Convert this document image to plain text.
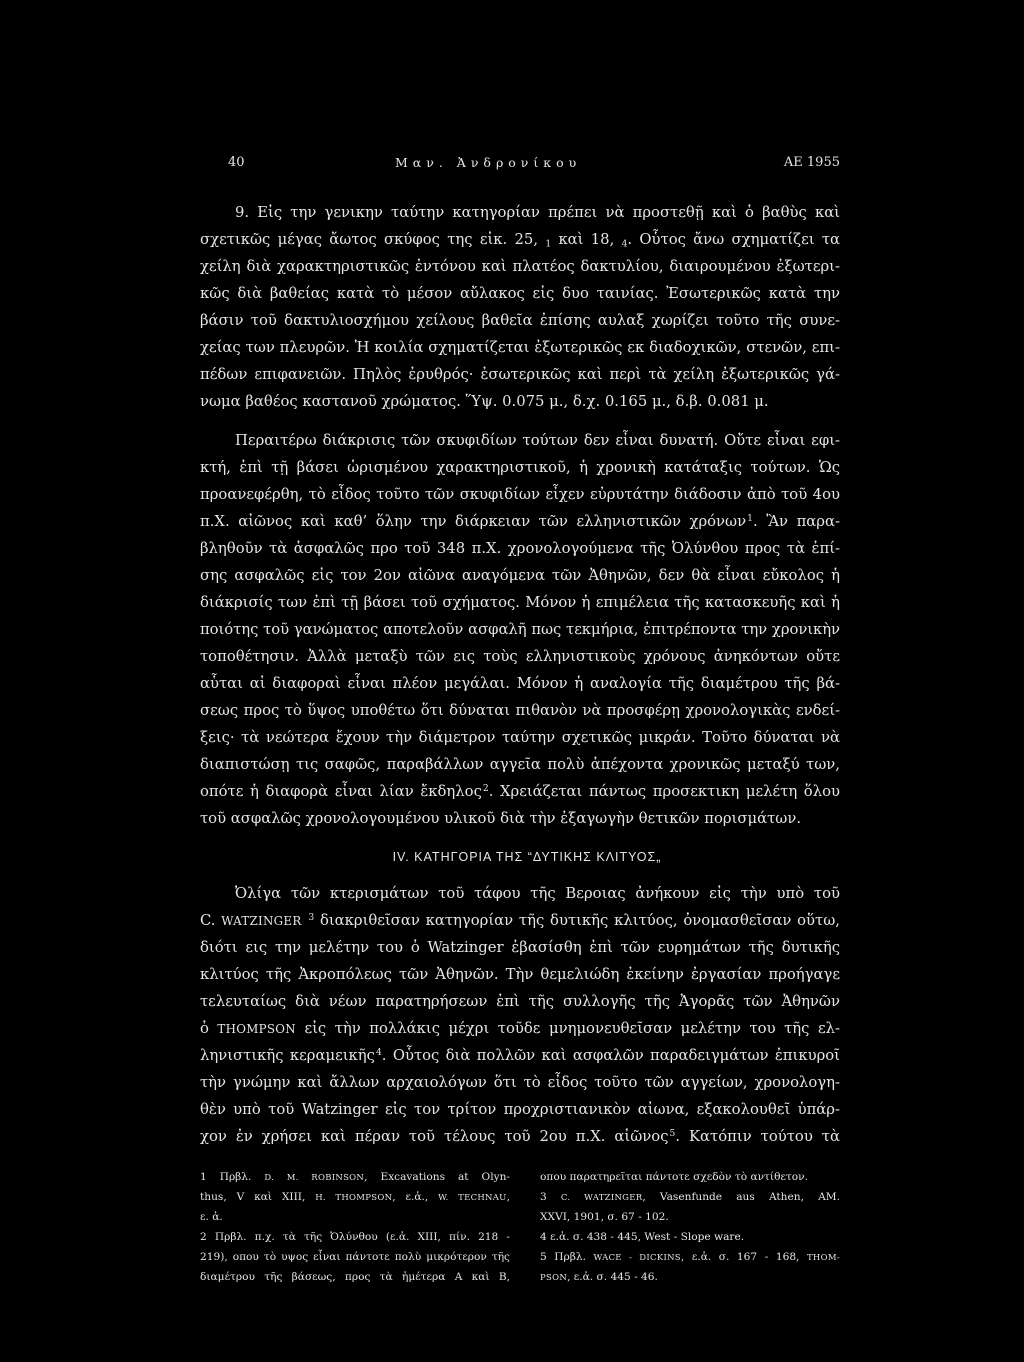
40	Μαν. Ἀνδρονίκου	ΑΕ 1955
9. Εἰς την γενικην ταύτην κατηγορίαν πρέπει νὰ προστεθῇ καὶ ὁ βαθὺς καὶ
σχετικῶς μέγας ἄωτος σκύφος της εἰκ. 25, $_1$ καὶ 18, $_4$. Οὗτος ἄνω σχηματίζει τα
χείλη διὰ χαρακτηριστικῶς ἐντόνου καὶ πλατέος δακτυλίου, διαιρουμένου ἐξωτερι-
κῶς διὰ βαθείας κατὰ τὸ μέσον αὔλακος εἰς δυο ταινίας. Ἐσωτερικῶς κατὰ την
βάσιν τοῦ δακτυλιοσχήμου χείλους βαθεῖα ἐπίσης αυλαξ χωρίζει τοῦτο τῆς συνε-
χείας των πλευρῶν. Ἡ κοιλία σχηματίζεται ἐξωτερικῶς εκ διαδοχικῶν, στενῶν, επι-
πέδων επιφανειῶν. Πηλὸς ἐρυθρός· ἐσωτερικῶς καὶ περὶ τὰ χείλη ἐξωτερικῶς γά-
νωμα βαθέος καστανοῦ χρώματος. Ὕψ. 0.075 μ., δ.χ. 0.165 μ., δ.β. 0.081 μ.
Περαιτέρω διάκρισις τῶν σκυφιδίων τούτων δεν εἶναι δυνατή. Οὔτε εἶναι εφι-
κτή, ἐπὶ τῇ βάσει ὡρισμένου χαρακτηριστικοῦ, ἡ χρονικὴ κατάταξις τούτων. Ὡς
προανεφέρθη, τὸ εἶδος τοῦτο τῶν σκυφιδίων εἶχεν εὐρυτάτην διάδοσιν ἀπὸ τοῦ 4ου
π.Χ. αἰῶνος καὶ καθ’ ὅλην την διάρκειαν τῶν ελληνιστικῶν χρόνων$^1$. Ἂν παρα-
βληθοῦν τὰ ἀσφαλῶς προ τοῦ 348 π.Χ. χρονολογούμενα τῆς Ὀλύνθου προς τὰ ἐπί-
σης ασφαλῶς εἰς τον 2ον αἰῶνα αναγόμενα τῶν Ἀθηνῶν, δεν θὰ εἶναι εὔκολος ἡ
διάκρισίς των ἐπὶ τῇ βάσει τοῦ σχήματος. Μόνον ἡ επιμέλεια τῆς κατασκευῆς καὶ ἡ
ποιότης τοῦ γανώματος αποτελοῦν ασφαλῆ πως τεκμήρια, ἐπιτρέποντα την χρονικὴν
τοποθέτησιν. Ἀλλὰ μεταξὺ τῶν εις τοὺς ελληνιστικοὺς χρόνους ἀνηκόντων οὔτε
αὗται αἱ διαφοραὶ εἶναι πλέον μεγάλαι. Μόνον ἡ αναλογία τῆς διαμέτρου τῆς βά-
σεως προς τὸ ὕψος υποθέτω ὅτι δύναται πιθανὸν νὰ προσφέρῃ χρονολογικὰς ενδεί-
ξεις· τὰ νεώτερα ἔχουν τὴν διάμετρον ταύτην σχετικῶς μικράν. Τοῦτο δύναται νὰ
διαπιστώσῃ τις σαφῶς, παραβάλλων αγγεῖα πολὺ ἀπέχοντα χρονικῶς μεταξύ των,
οπότε ἡ διαφορὰ εἶναι λίαν ἔκδηλος$^2$. Χρειάζεται πάντως προσεκτικη μελέτη ὅλου
τοῦ ασφαλῶς χρονολογουμένου υλικοῦ διὰ τὴν ἐξαγωγὴν θετικῶν πορισμάτων.
IV. ΚΑΤΗΓΟΡΙΑ ΤΗΣ “ΔΥΤΙΚΗΣ ΚΛΙΤΥΟΣ„
Ὀλίγα τῶν κτερισμάτων τοῦ τάφου τῆς Βεροιας ἀνήκουν εἰς τὴν υπὸ τοῦ
C. WATZINGER $^3$ διακριθεῖσαν κατηγορίαν τῆς δυτικῆς κλιτύος, ὀνομασθεῖσαν οὕτω,
διότι εις την μελέτην του ὁ Watzinger ἐβασίσθη ἐπὶ τῶν ευρημάτων τῆς δυτικῆς
κλιτύος τῆς Ἀκροπόλεως τῶν Ἀθηνῶν. Τὴν θεμελιώδη ἐκείνην ἐργασίαν προήγαγε
τελευταίως διὰ νέων παρατηρήσεων ἐπὶ τῆς συλλογῆς τῆς Ἀγορᾶς τῶν Ἀθηνῶν
ὁ THOMPSON εἰς τὴν πολλάκις μέχρι τοῦδε μνημονευθεῖσαν μελέτην του τῆς ελ-
ληνιστικῆς κεραμεικῆς$^4$. Οὗτος διὰ πολλῶν καὶ ασφαλῶν παραδειγμάτων ἐπικυροῖ
τὴν γνώμην καὶ ἄλλων αρχαιολόγων ὅτι τὸ εἶδος τοῦτο τῶν αγγείων, χρονολογη-
θὲν υπὸ τοῦ Watzinger εἰς τον τρίτον προχριστιανικὸν αἰωνα, εξακολουθεῖ ὑπάρ-
χον ἐν χρήσει καὶ πέραν τοῦ τέλους τοῦ 2ου π.Χ. αἰῶνος$^5$. Κατόπιν τούτου τὰ
1 Πρβλ. D. M. ROBINSON, Excavations at Olyn-
thus, V καὶ XIII, H. THOMPSON, ε.ἀ., W. TECHNAU,
ε. ἀ.
2 Πρβλ. π.χ. τὰ τῆς Ὀλύνθου (ε.ἀ. XIII, πίν. 218 -
219), οπου τὸ υψος εἶναι πάντοτε πολὺ μικρότερον τῆς
διαμέτρου τῆς βάσεως, προς τὰ ἡμέτερα Α καὶ Β,
οπου παρατηρεῖται πάντοτε σχεδὸν τὸ αντίθετον.
3 C. WATZINGER, Vasenfunde aus Athen, AM.
XXVI, 1901, σ. 67 - 102.
4 ε.ἀ. σ. 438 - 445, West - Slope ware.
5 Πρβλ. WACE - DICKINS, ε.ἀ. σ. 167 - 168, THOM-
PSON, ε.ἀ. σ. 445 - 46.
